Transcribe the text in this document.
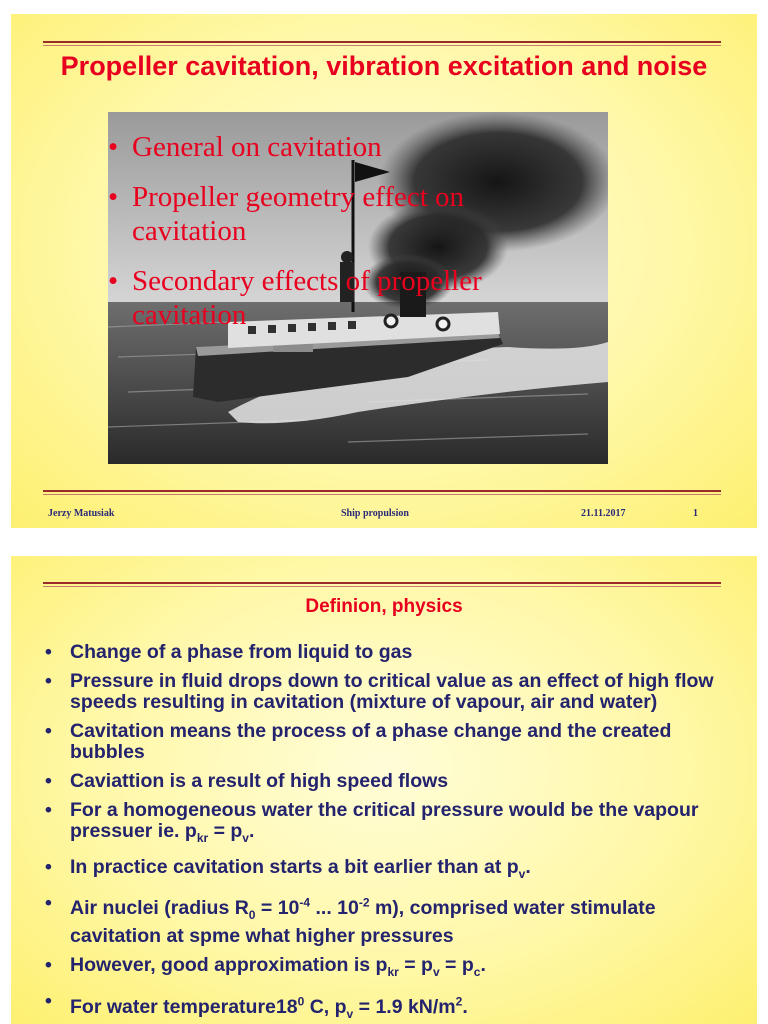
Propeller cavitation, vibration excitation and noise
• General on cavitation
• Propeller geometry effect on cavitation
• Secondary effects of propeller cavitation
Jerzy Matusiak	Ship propulsion	21.11.2017	1
Definion, physics
• Change of a phase from liquid to gas
• Pressure in fluid drops down to critical value as an effect of high flow speeds resulting in cavitation (mixture of vapour, air and water)
• Cavitation means the process of a phase change and the created bubbles
• Caviattion is a result of high speed flows
• For a homogeneous water the critical pressure would be the vapour pressuer ie. $p_{kr} = p_v$.
• In practice cavitation starts a bit earlier than at $p_v$.
• Air nuclei (radius $R_0 = 10^{-4}$ ... $10^{-2}$ m), comprised water stimulate cavitation at spme what higher pressures
• However, good approximation is $p_{kr} = p_v = p_c$.
• For water $temperature18^0$ C, $p_v = 1.9$ $kN/m^2$.
